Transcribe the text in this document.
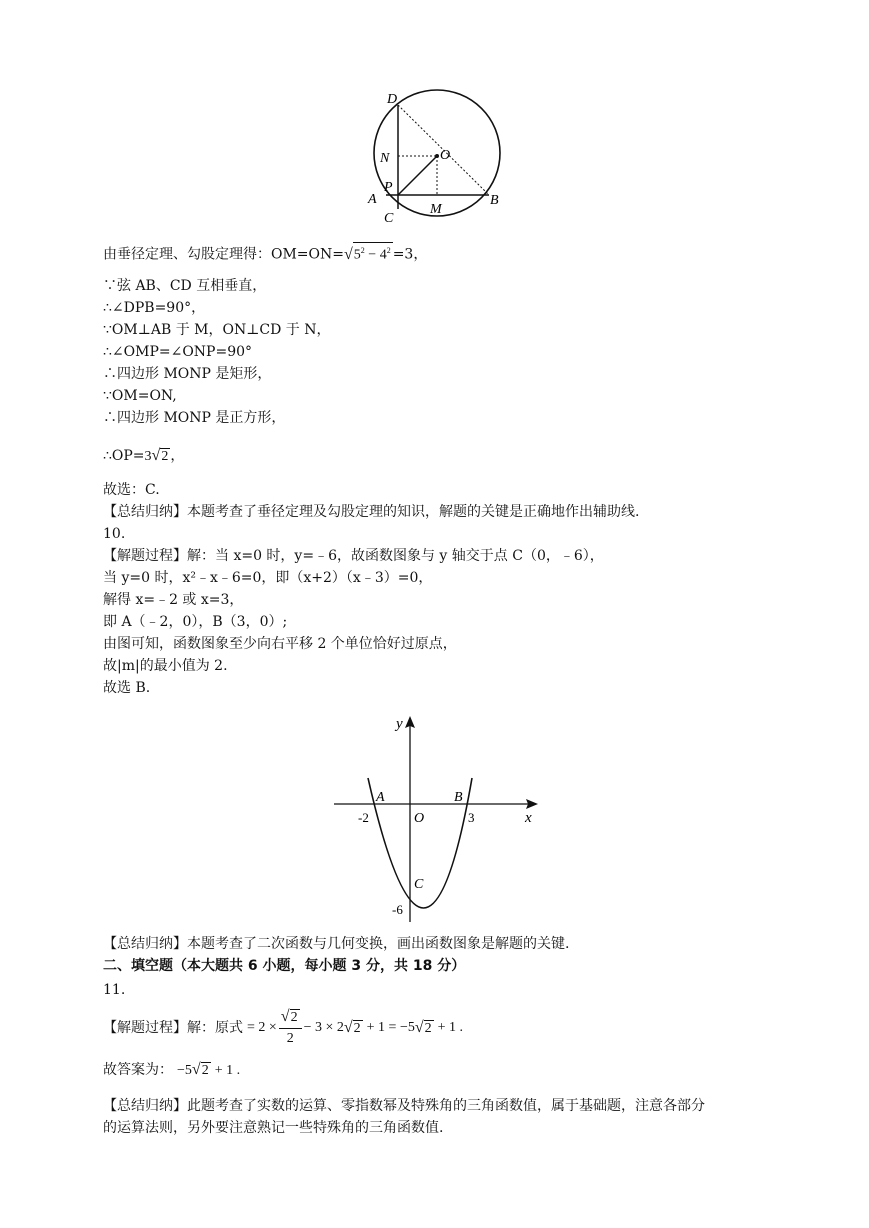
D
O
N
P
A
C
M
B
由垂径定理、勾股定理得：$OM=ON=√5^2 - 4^2 =3$，
∵弦 AB、CD 互相垂直，
∴∠DPB=90°，
∵OM⊥AB 于 M，ON⊥CD 于 N，
∴∠OMP=∠ONP=90°
∴四边形 MONP 是矩形，
∵OM=ON,
∴四边形 MONP 是正方形，
∴OP=3√2 ，
故选：C.
【总结归纳】本题考查了垂径定理及勾股定理的知识，解题的关键是正确地作出辅助线.
10.
【解题过程】解：当 x=0 时，y=﹣6，故函数图象与 y 轴交于点 C（0，﹣6），
当 y=0 时，x²﹣x﹣6=0，即（x+2）（x﹣3）=0，
解得 x=﹣2 或 x=3，
即 A（﹣2，0），B（3，0）;
由图可知，函数图象至少向右平移 2 个单位恰好过原点，
故|m|的最小值为 2.
故选 B.
y
x
A	B
O
C
-2	3
-6
【总结归纳】本题考查了二次函数与几何变换，画出函数图象是解题的关键.
二、填空题（本大题共 6 小题，每小题 3 分，共 18 分）
11.
【解题过程】解：原式 = $2 \times \frac{√2}{2} - 3 \times 2$ √ 2 + 1 = −5 √ 2 + 1 .
故答案为： −5√2 + 1 .
【总结归纳】此题考查了实数的运算、零指数幂及特殊角的三角函数值，属于基础题，注意各部分
的运算法则，另外要注意熟记一些特殊角的三角函数值.
